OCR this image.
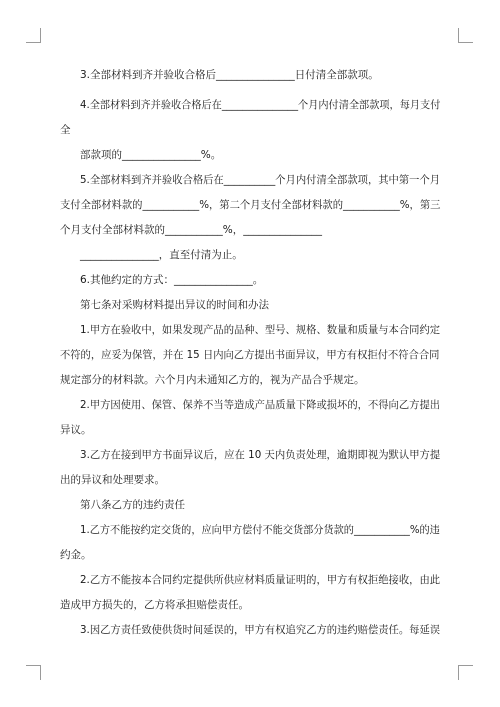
3.全部材料到齐并验收合格后_______________日付清全部款项。
4.全部材料到齐并验收合格后在_______________个月内付清全部款项，每月支付
全
部款项的_______________%。
5.全部材料到齐并验收合格后在__________个月内付清全部款项，其中第一个月
支付全部材料款的___________%，第二个月支付全部材料款的___________%，第三
个月支付全部材料款的___________%，_______________
_______________，直至付清为止。
6.其他约定的方式：_______________。
第七条对采购材料提出异议的时间和办法
1.甲方在验收中，如果发现产品的品种、型号、规格、数量和质量与本合同约定
不符的，应妥为保管，并在 15 日内向乙方提出书面异议，甲方有权拒付不符合合同
规定部分的材料款。六个月内未通知乙方的，视为产品合乎规定。
2.甲方因使用、保管、保养不当等造成产品质量下降或损坏的，不得向乙方提出
异议。
3.乙方在接到甲方书面异议后，应在 10 天内负责处理，逾期即视为默认甲方提
出的异议和处理要求。
第八条乙方的违约责任
1.乙方不能按约定交货的，应向甲方偿付不能交货部分货款的___________%的违
约金。
2.乙方不能按本合同约定提供所供应材料质量证明的，甲方有权拒绝接收，由此
造成甲方损失的，乙方将承担赔偿责任。
3.因乙方责任致使供货时间延误的，甲方有权追究乙方的违约赔偿责任。每延误
